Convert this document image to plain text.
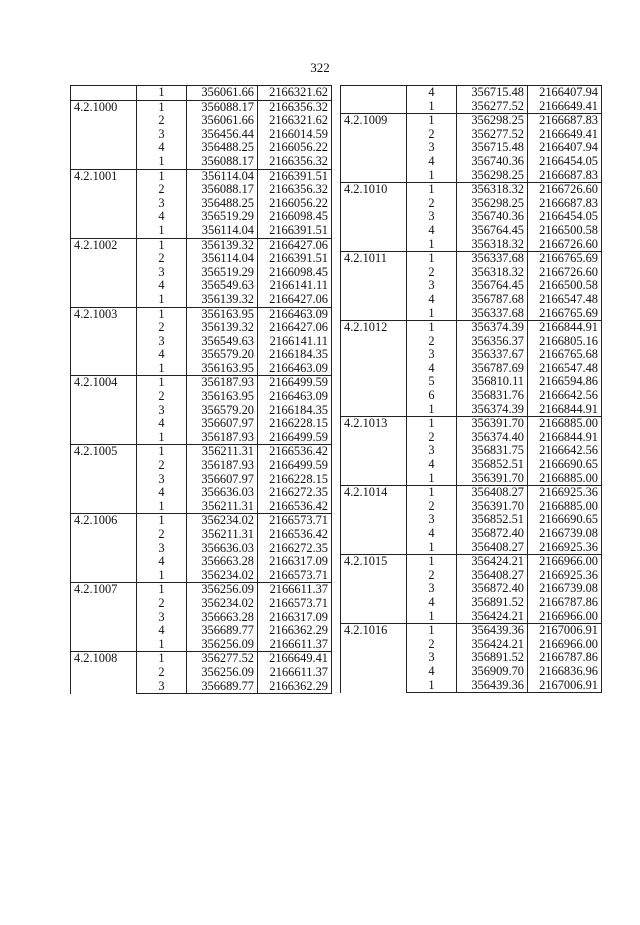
322
	1	356061.66	2166321.62
4.2.1000	1	356088.17	2166356.32
	2	356061.66	2166321.62
	3	356456.44	2166014.59
	4	356488.25	2166056.22
	1	356088.17	2166356.32
4.2.1001	1	356114.04	2166391.51
	2	356088.17	2166356.32
	3	356488.25	2166056.22
	4	356519.29	2166098.45
	1	356114.04	2166391.51
4.2.1002	1	356139.32	2166427.06
	2	356114.04	2166391.51
	3	356519.29	2166098.45
	4	356549.63	2166141.11
	1	356139.32	2166427.06
4.2.1003	1	356163.95	2166463.09
	2	356139.32	2166427.06
	3	356549.63	2166141.11
	4	356579.20	2166184.35
	1	356163.95	2166463.09
4.2.1004	1	356187.93	2166499.59
	2	356163.95	2166463.09
	3	356579.20	2166184.35
	4	356607.97	2166228.15
	1	356187.93	2166499.59
4.2.1005	1	356211.31	2166536.42
	2	356187.93	2166499.59
	3	356607.97	2166228.15
	4	356636.03	2166272.35
	1	356211.31	2166536.42
4.2.1006	1	356234.02	2166573.71
	2	356211.31	2166536.42
	3	356636.03	2166272.35
	4	356663.28	2166317.09
	1	356234.02	2166573.71
4.2.1007	1	356256.09	2166611.37
	2	356234.02	2166573.71
	3	356663.28	2166317.09
	4	356689.77	2166362.29
	1	356256.09	2166611.37
4.2.1008	1	356277.52	2166649.41
	2	356256.09	2166611.37
	3	356689.77	2166362.29
	4	356715.48	2166407.94
	1	356277.52	2166649.41
4.2.1009	1	356298.25	2166687.83
	2	356277.52	2166649.41
	3	356715.48	2166407.94
	4	356740.36	2166454.05
	1	356298.25	2166687.83
4.2.1010	1	356318.32	2166726.60
	2	356298.25	2166687.83
	3	356740.36	2166454.05
	4	356764.45	2166500.58
	1	356318.32	2166726.60
4.2.1011	1	356337.68	2166765.69
	2	356318.32	2166726.60
	3	356764.45	2166500.58
	4	356787.68	2166547.48
	1	356337.68	2166765.69
4.2.1012	1	356374.39	2166844.91
	2	356356.37	2166805.16
	3	356337.67	2166765.68
	4	356787.69	2166547.48
	5	356810.11	2166594.86
	6	356831.76	2166642.56
	1	356374.39	2166844.91
4.2.1013	1	356391.70	2166885.00
	2	356374.40	2166844.91
	3	356831.75	2166642.56
	4	356852.51	2166690.65
	1	356391.70	2166885.00
4.2.1014	1	356408.27	2166925.36
	2	356391.70	2166885.00
	3	356852.51	2166690.65
	4	356872.40	2166739.08
	1	356408.27	2166925.36
4.2.1015	1	356424.21	2166966.00
	2	356408.27	2166925.36
	3	356872.40	2166739.08
	4	356891.52	2166787.86
	1	356424.21	2166966.00
4.2.1016	1	356439.36	2167006.91
	2	356424.21	2166966.00
	3	356891.52	2166787.86
	4	356909.70	2166836.96
	1	356439.36	2167006.91
